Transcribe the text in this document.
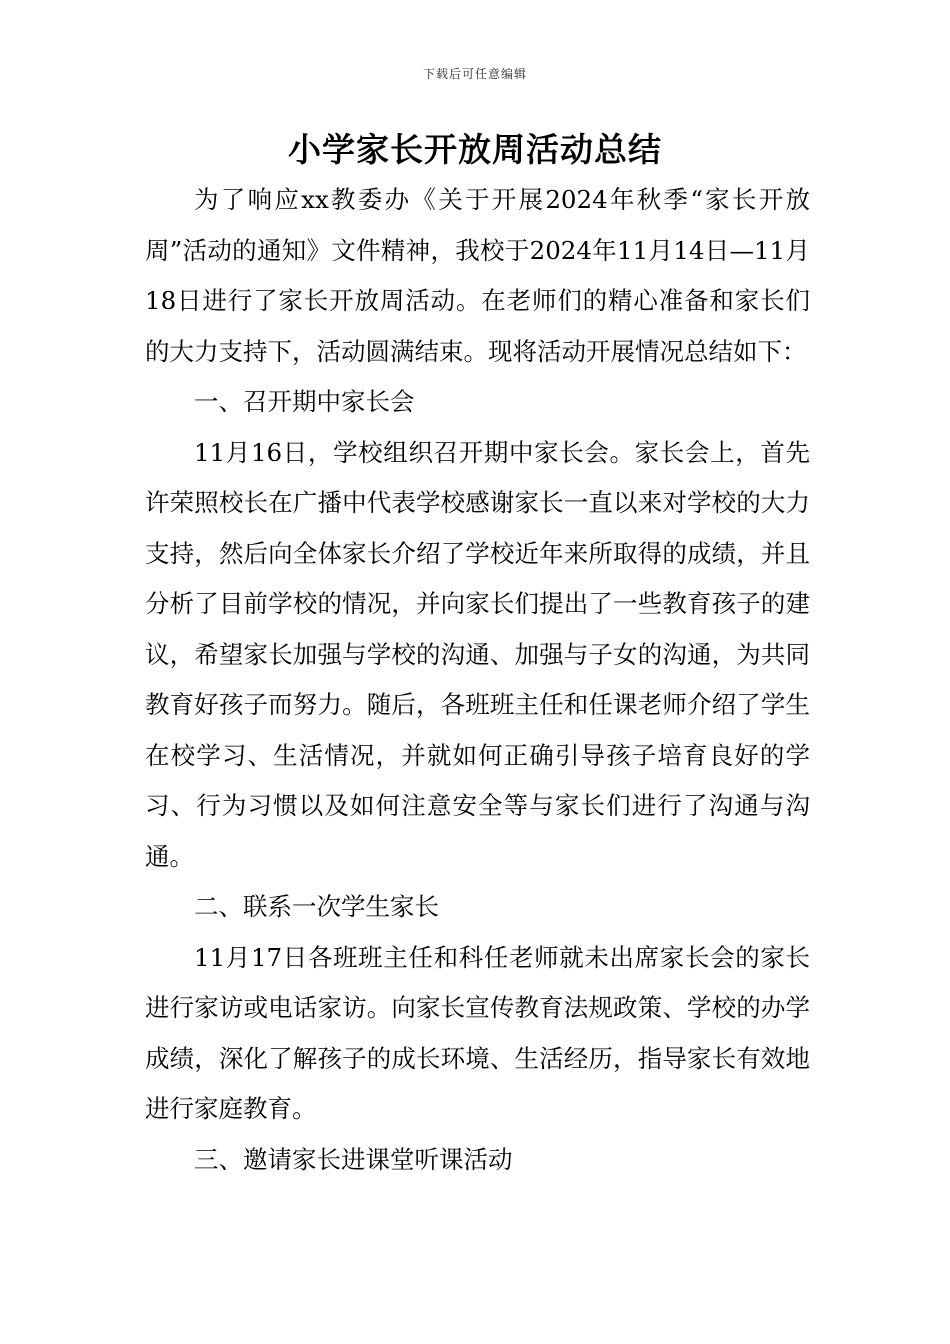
下载后可任意编辑
小学家长开放周活动总结

为了响应xx教委办《关于开展2024年秋季“家长开放周”活动的通知》文件精神，我校于2024年11月14日—11月18日进行了家长开放周活动。在老师们的精心准备和家长们的大力支持下，活动圆满结束。现将活动开展情况总结如下：

一、召开期中家长会

11月16日，学校组织召开期中家长会。家长会上，首先许荣照校长在广播中代表学校感谢家长一直以来对学校的大力支持，然后向全体家长介绍了学校近年来所取得的成绩，并且分析了目前学校的情况，并向家长们提出了一些教育孩子的建议，希望家长加强与学校的沟通、加强与子女的沟通，为共同教育好孩子而努力。随后，各班班主任和任课老师介绍了学生在校学习、生活情况，并就如何正确引导孩子培育良好的学习、行为习惯以及如何注意安全等与家长们进行了沟通与沟通。

二、联系一次学生家长

11月17日各班班主任和科任老师就未出席家长会的家长进行家访或电话家访。向家长宣传教育法规政策、学校的办学成绩，深化了解孩子的成长环境、生活经历，指导家长有效地进行家庭教育。

三、邀请家长进课堂听课活动
